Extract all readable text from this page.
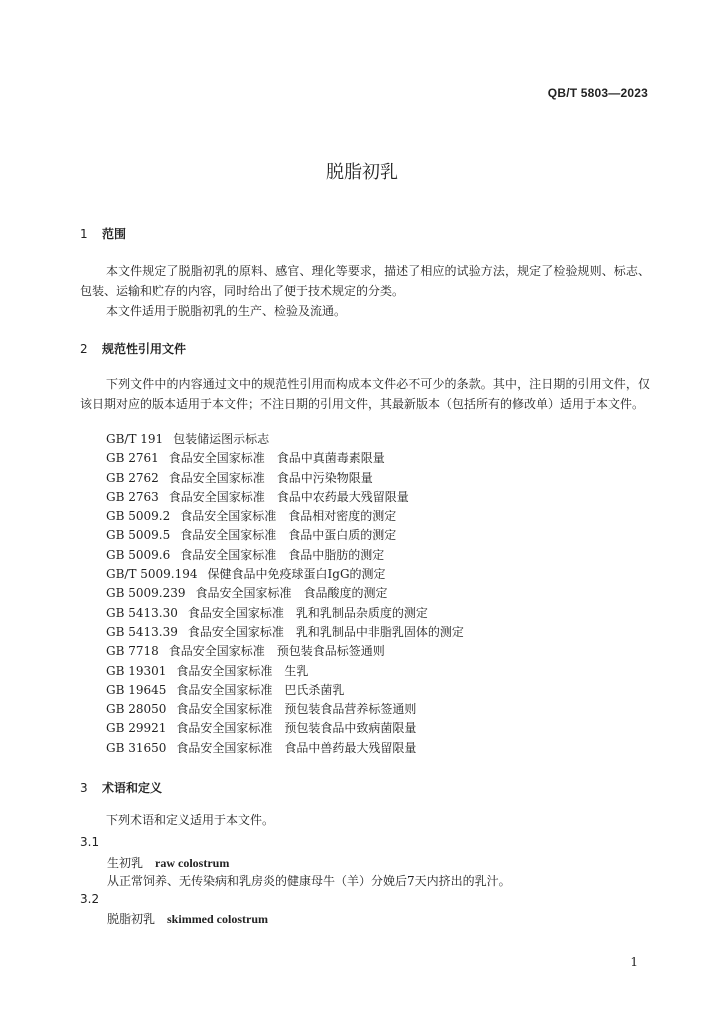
QB/T 5803—2023
脱脂初乳
1 范围
本文件规定了脱脂初乳的原料、感官、理化等要求，描述了相应的试验方法，规定了检验规则、标志、包装、运输和贮存的内容，同时给出了便于技术规定的分类。
本文件适用于脱脂初乳的生产、检验及流通。
2 规范性引用文件
下列文件中的内容通过文中的规范性引用而构成本文件必不可少的条款。其中，注日期的引用文件，仅该日期对应的版本适用于本文件；不注日期的引用文件，其最新版本（包括所有的修改单）适用于本文件。
GB/T 191 包装储运图示标志
GB 2761 食品安全国家标准　食品中真菌毒素限量
GB 2762 食品安全国家标准　食品中污染物限量
GB 2763 食品安全国家标准　食品中农药最大残留限量
GB 5009.2 食品安全国家标准　食品相对密度的测定
GB 5009.5 食品安全国家标准　食品中蛋白质的测定
GB 5009.6 食品安全国家标准　食品中脂肪的测定
GB/T 5009.194 保健食品中免疫球蛋白IgG的测定
GB 5009.239 食品安全国家标准　食品酸度的测定
GB 5413.30 食品安全国家标准　乳和乳制品杂质度的测定
GB 5413.39 食品安全国家标准　乳和乳制品中非脂乳固体的测定
GB 7718 食品安全国家标准　预包装食品标签通则
GB 19301 食品安全国家标准　生乳
GB 19645 食品安全国家标准　巴氏杀菌乳
GB 28050 食品安全国家标准　预包装食品营养标签通则
GB 29921 食品安全国家标准　预包装食品中致病菌限量
GB 31650 食品安全国家标准　食品中兽药最大残留限量
3 术语和定义
下列术语和定义适用于本文件。
3.1
生初乳 raw colostrum
从正常饲养、无传染病和乳房炎的健康母牛（羊）分娩后7天内挤出的乳汁。
3.2
脱脂初乳 skimmed colostrum
1
